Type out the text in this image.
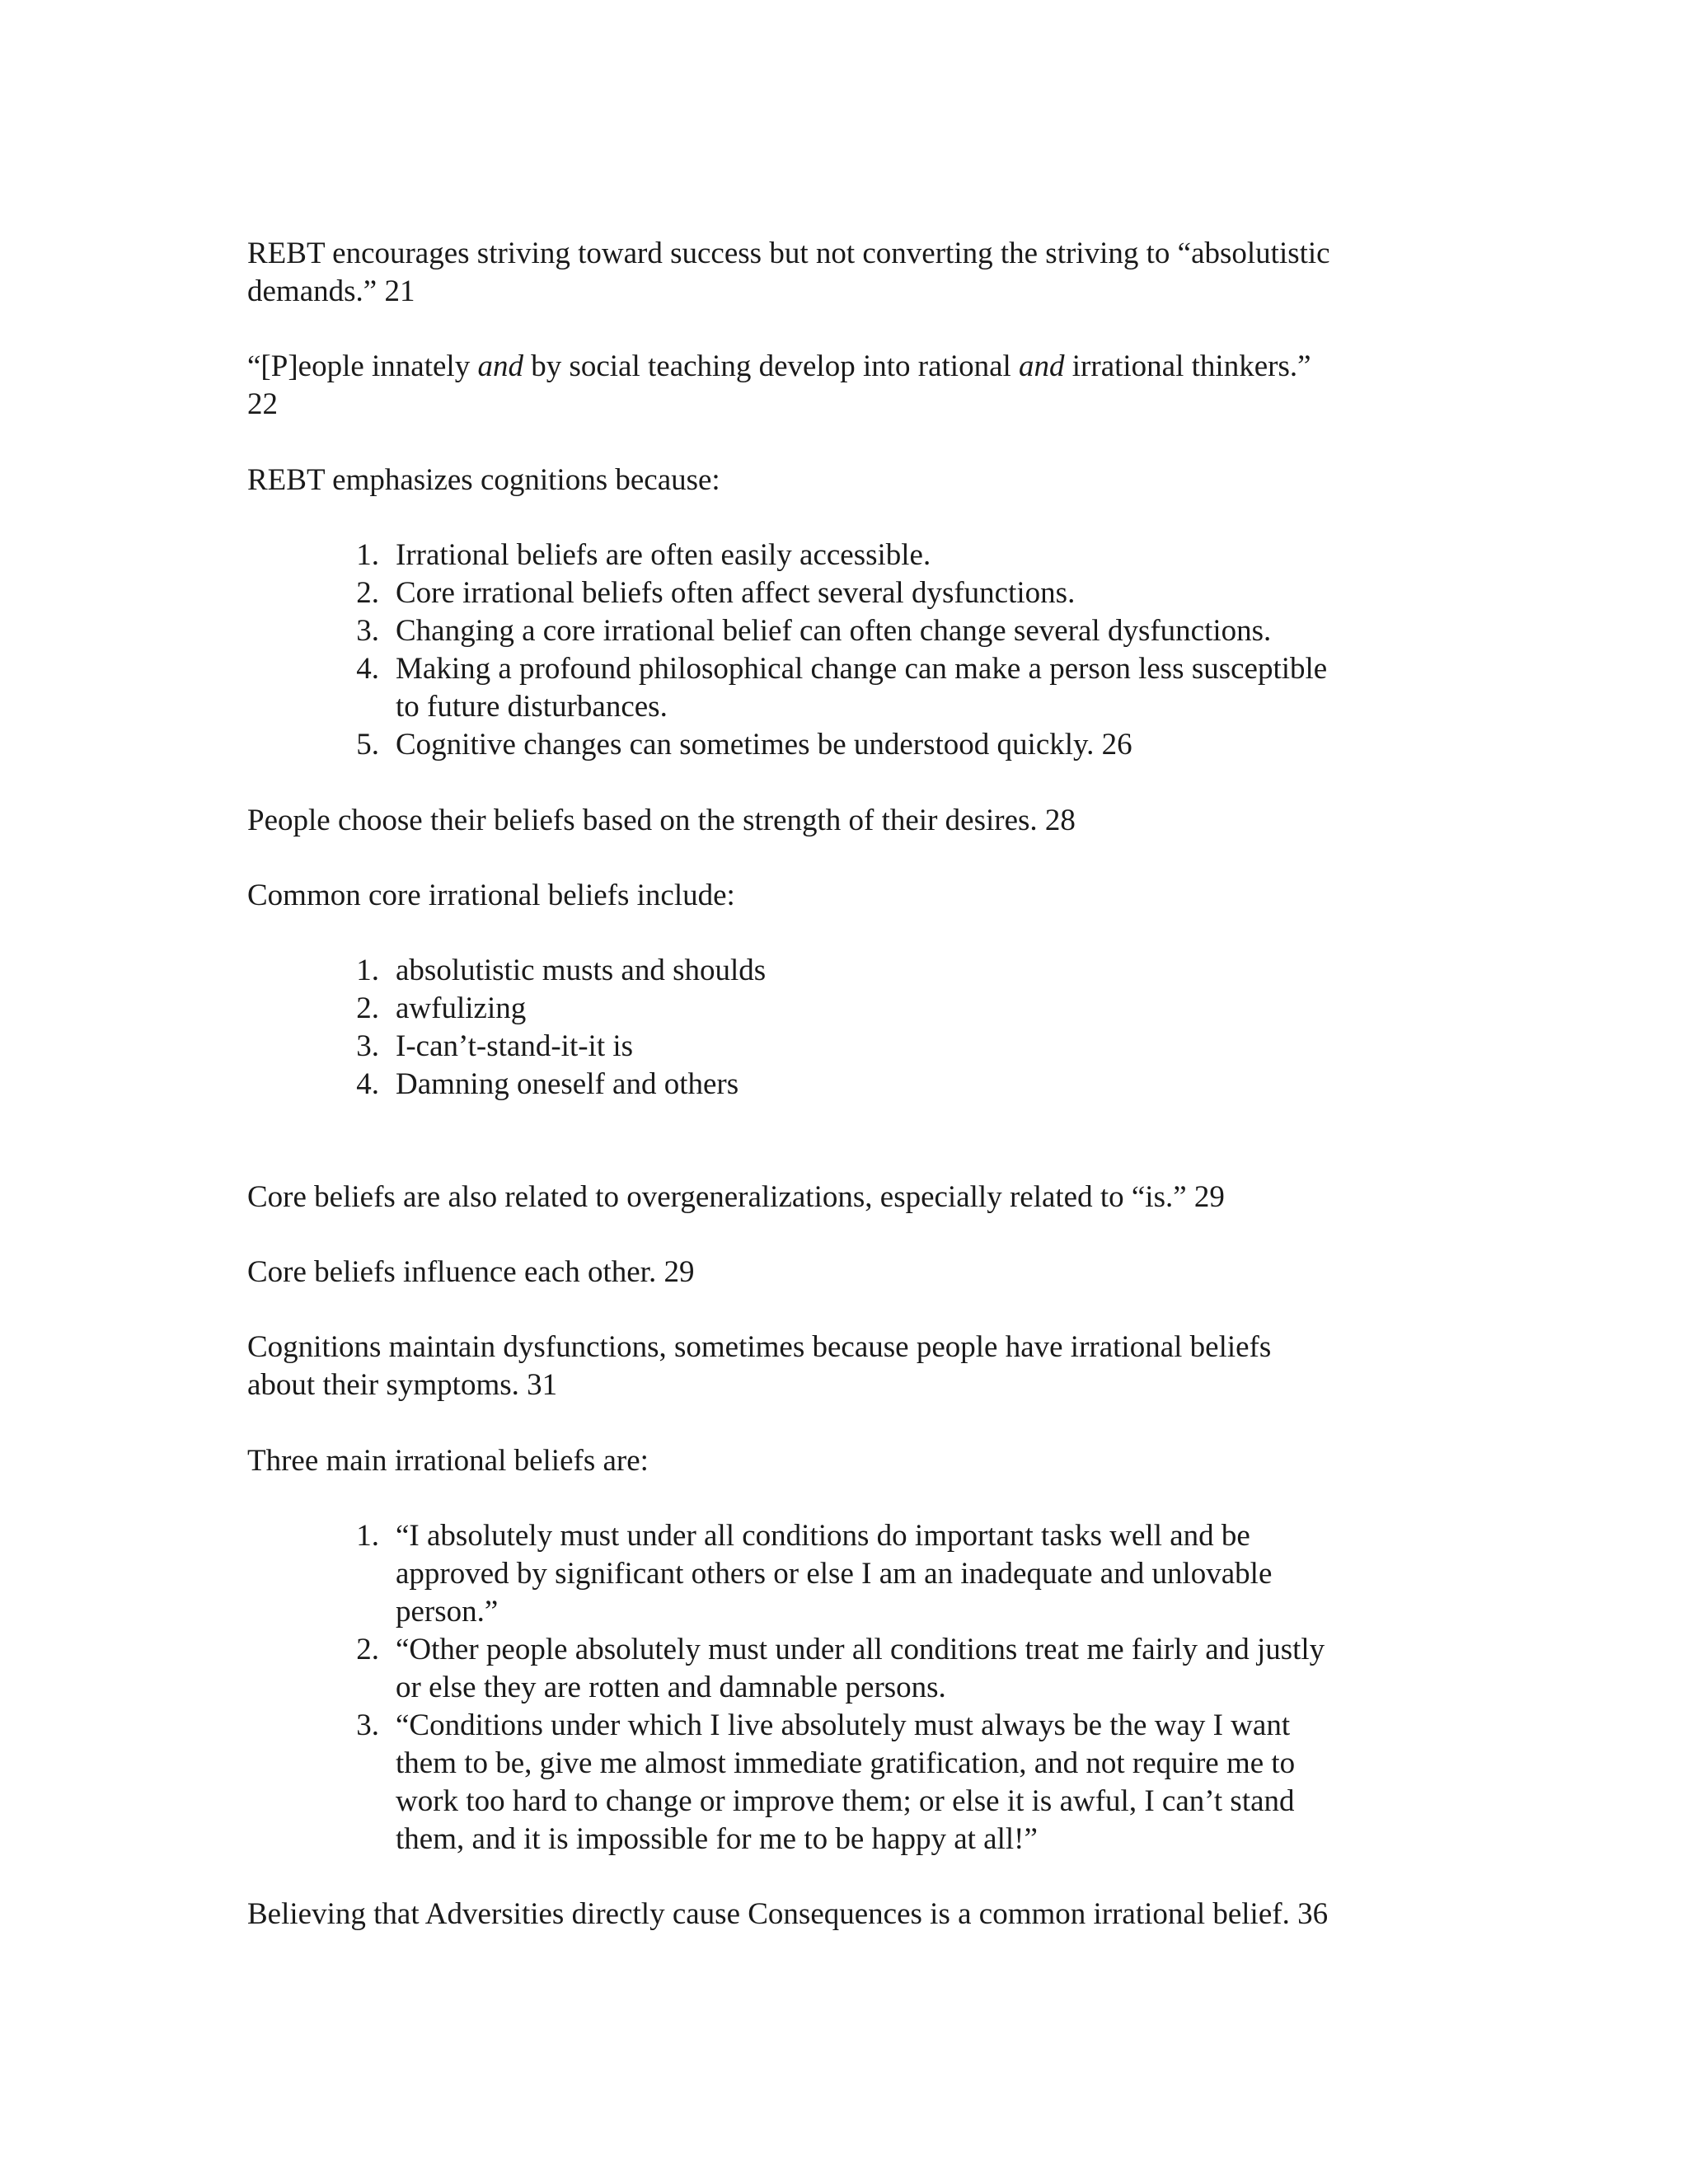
REBT encourages striving toward success but not converting the striving to “absolutistic
demands.” 21

“[P]eople innately and by social teaching develop into rational and irrational thinkers.”
22

REBT emphasizes cognitions because:

1. Irrational beliefs are often easily accessible.
2. Core irrational beliefs often affect several dysfunctions.
3. Changing a core irrational belief can often change several dysfunctions.
4. Making a profound philosophical change can make a person less susceptible
to future disturbances.
5. Cognitive changes can sometimes be understood quickly. 26

People choose their beliefs based on the strength of their desires. 28

Common core irrational beliefs include:

1. absolutistic musts and shoulds
2. awfulizing
3. I-can’t-stand-it-it is
4. Damning oneself and others

Core beliefs are also related to overgeneralizations, especially related to “is.” 29

Core beliefs influence each other. 29

Cognitions maintain dysfunctions, sometimes because people have irrational beliefs
about their symptoms. 31

Three main irrational beliefs are:

1. “I absolutely must under all conditions do important tasks well and be
approved by significant others or else I am an inadequate and unlovable
person.”
2. “Other people absolutely must under all conditions treat me fairly and justly
or else they are rotten and damnable persons.
3. “Conditions under which I live absolutely must always be the way I want
them to be, give me almost immediate gratification, and not require me to
work too hard to change or improve them; or else it is awful, I can’t stand
them, and it is impossible for me to be happy at all!”

Believing that Adversities directly cause Consequences is a common irrational belief. 36
